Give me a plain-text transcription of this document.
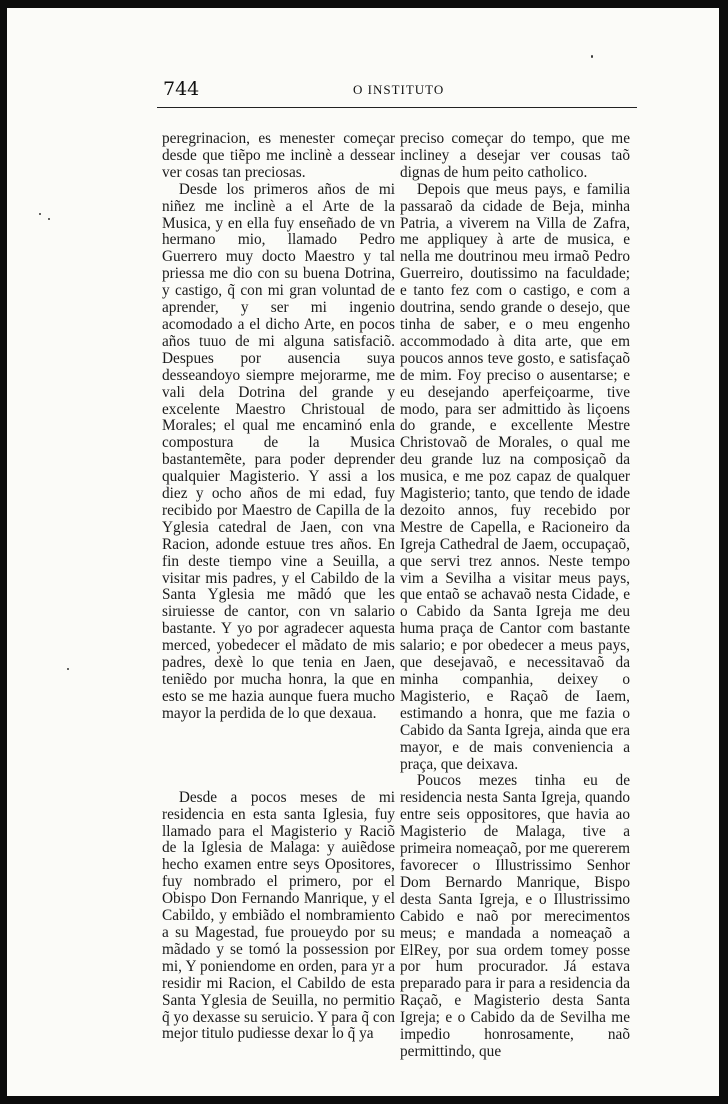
744	O INSTITUTO

peregrinacion, es menester começar desde que tiẽpo me inclinè a dessear ver cosas tan preciosas.

Desde los primeros años de mi niñez me inclinè a el Arte de la Musica, y en ella fuy enseñado de vn hermano mio, llamado Pedro Guerrero muy docto Maestro y tal priessa me dio con su buena Dotrina, y castigo, q̃ con mi gran voluntad de aprender, y ser mi ingenio acomodado a el dicho Arte, en pocos años tuuo de mi alguna satisfaciõ. Despues por ausencia suya desseandoyo siempre mejorarme, me vali dela Dotrina del grande y excelente Maestro Christoual de Morales; el qual me encaminó enla compostura de la Musica bastantemẽte, para poder deprender qualquier Magisterio. Y assi a los diez y ocho años de mi edad, fuy recibido por Maestro de Capilla de la Yglesia catedral de Jaen, con vna Racion, adonde estuue tres años. En fin deste tiempo vine a Seuilla, a visitar mis padres, y el Cabildo de la Santa Yglesia me mãdó que les siruiesse de cantor, con vn salario bastante. Y yo por agradecer aquesta merced, yobedecer el mãdato de mis padres, dexè lo que tenia en Jaen, teniẽdo por mucha honra, la que en esto se me hazia aunque fuera mucho mayor la perdida de lo que dexaua.

Desde a pocos meses de mi residencia en esta santa Iglesia, fuy llamado para el Magisterio y Raciõ de la Iglesia de Malaga: y auiẽdose hecho examen entre seys Opositores, fuy nombrado el primero, por el Obispo Don Fernando Manrique, y el Cabildo, y embiãdo el nombramiento a su Magestad, fue proueydo por su mãdado y se tomó la possession por mi, Y poniendome en orden, para yr a residir mi Racion, el Cabildo de esta Santa Yglesia de Seuilla, no permitio q̃ yo dexasse su seruicio. Y para q̃ con mejor titulo pudiesse dexar lo q̃ ya

preciso começar do tempo, que me incliney a desejar ver cousas taõ dignas de hum peito catholico.

Depois que meus pays, e familia passaraõ da cidade de Beja, minha Patria, a viverem na Villa de Zafra, me appliquey à arte de musica, e nella me doutrinou meu irmaõ Pedro Guerreiro, doutissimo na faculdade; e tanto fez com o castigo, e com a doutrina, sendo grande o desejo, que tinha de saber, e o meu engenho accommodado à dita arte, que em poucos annos teve gosto, e satisfaçaõ de mim. Foy preciso o ausentarse; e eu desejando aperfeiçoarme, tive modo, para ser admittido às liçoens do grande, e excellente Mestre Christovaõ de Morales, o qual me deu grande luz na composiçaõ da musica, e me poz capaz de qualquer Magisterio; tanto, que tendo de idade dezoito annos, fuy recebido por Mestre de Capella, e Racioneiro da Igreja Cathedral de Jaem, occupaçaõ, que servi trez annos. Neste tempo vim a Sevilha a visitar meus pays, que entaõ se achavaõ nesta Cidade, e o Cabido da Santa Igreja me deu huma praça de Cantor com bastante salario; e por obedecer a meus pays, que desejavaõ, e necessitavaõ da minha companhia, deixey o Magisterio, e Raçaõ de Iaem, estimando a honra, que me fazia o Cabido da Santa Igreja, ainda que era mayor, e de mais conveniencia a praça, que deixava.

Poucos mezes tinha eu de residencia nesta Santa Igreja, quando entre seis oppositores, que havia ao Magisterio de Malaga, tive a primeira nomeaçaõ, por me quererem favorecer o Illustrissimo Senhor Dom Bernardo Manrique, Bispo desta Santa Igreja, e o Illustrissimo Cabido e naõ por merecimentos meus; e mandada a nomeaçaõ a ElRey, por sua ordem tomey posse por hum procurador. Já estava preparado para ir para a residencia da Raçaõ, e Magisterio desta Santa Igreja; e o Cabido da de Sevilha me impedio honrosamente, naõ permittindo, que
